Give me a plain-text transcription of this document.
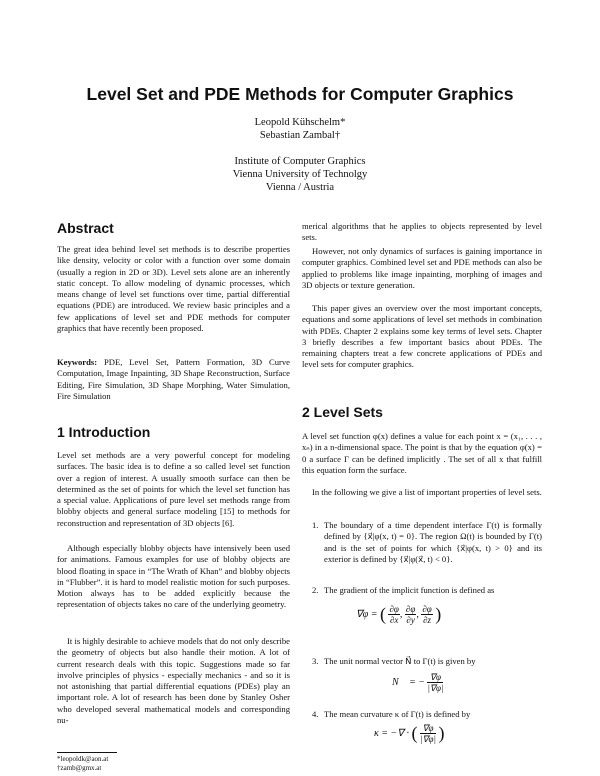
Level Set and PDE Methods for Computer Graphics
Leopold Kühschelm*
Sebastian Zambal†
Institute of Computer Graphics
Vienna University of Technolgy
Vienna / Austria
Abstract
The great idea behind level set methods is to describe properties like density, velocity or color with a function over some domain (usually a region in 2D or 3D). Level sets alone are an inherently static concept. To allow modeling of dynamic processes, which means change of level set functions over time, partial differential equations (PDE) are introduced. We review basic principles and a few applications of level set and PDE methods for computer graphics that have recently been proposed.
Keywords: PDE, Level Set, Pattern Formation, 3D Curve Computation, Image Inpainting, 3D Shape Reconstruction, Surface Editing, Fire Simulation, 3D Shape Morphing, Water Simulation, Fire Simulation
1 Introduction
Level set methods are a very powerful concept for modeling surfaces. The basic idea is to define a so called level set function over a region of interest. A usually smooth surface can then be determined as the set of points for which the level set function has a special value. Applications of pure level set methods range from blobby objects and general surface modeling [15] to methods for reconstruction and representation of 3D objects [6].
Although especially blobby objects have intensively been used for animations. Famous examples for use of blobby objects are blood floating in space in “The Wrath of Khan” and blobby objects in “Flubber”. it is hard to model realistic motion for such purposes. Motion always has to be added explicitly because the representation of objects takes no care of the underlying geometry.
It is highly desirable to achieve models that do not only describe the geometry of objects but also handle their motion. A lot of current research deals with this topic. Suggestions made so far involve principles of physics - especially mechanics - and so it is not astonishing that partial differential equations (PDEs) play an important role. A lot of research has been done by Stanley Osher who developed several mathematical models and corresponding nu-
*leopoldk@aon.at
†zamb@gmx.at
merical algorithms that he applies to objects represented by level sets.
However, not only dynamics of surfaces is gaining importance in computer graphics. Combined level set and PDE methods can also be applied to problems like image inpainting, morphing of images and 3D objects or texture generation.
This paper gives an overview over the most important concepts, equations and some applications of level set methods in combination with PDEs. Chapter 2 explains some key terms of level sets. Chapter 3 briefly describes a few important basics about PDEs. The remaining chapters treat a few concrete applications of PDEs and level sets for computer graphics.
2 Level Sets
A level set function φ(x) defines a value for each point x = (x₁, . . . , xₙ) in a n-dimensional space. The point is that by the equation φ(x) = 0 a surface Γ can be defined implicitly . The set of all x that fulfill this equation form the surface.
In the following we give a list of important properties of level sets.
1. The boundary of a time dependent interface Γ(t) is formally defined by {x⃗|φ(x, t) = 0}. The region Ω(t) is bounded by Γ(t) and is the set of points for which {x⃗|φ(x, t) > 0} and its exterior is defined by {x⃗|φ(x⃗, t) < 0}.
2. The gradient of the implicit function is defined as
3. The unit normal vector N⃗ to Γ(t) is given by
4. The mean curvature κ of Γ(t) is defined by
∇φ = ( $\frac{\partial\varphi}{\partial x}$ , $\frac{\partial\varphi}{\partial y}$ , $\frac{\partial\varphi}{\partial z}$ )
N⃗ = − $\frac{\nabla\varphi}{|\nabla\varphi|}$
κ = −∇ · ( $\frac{\nabla\varphi}{|\nabla\varphi|}$ )
